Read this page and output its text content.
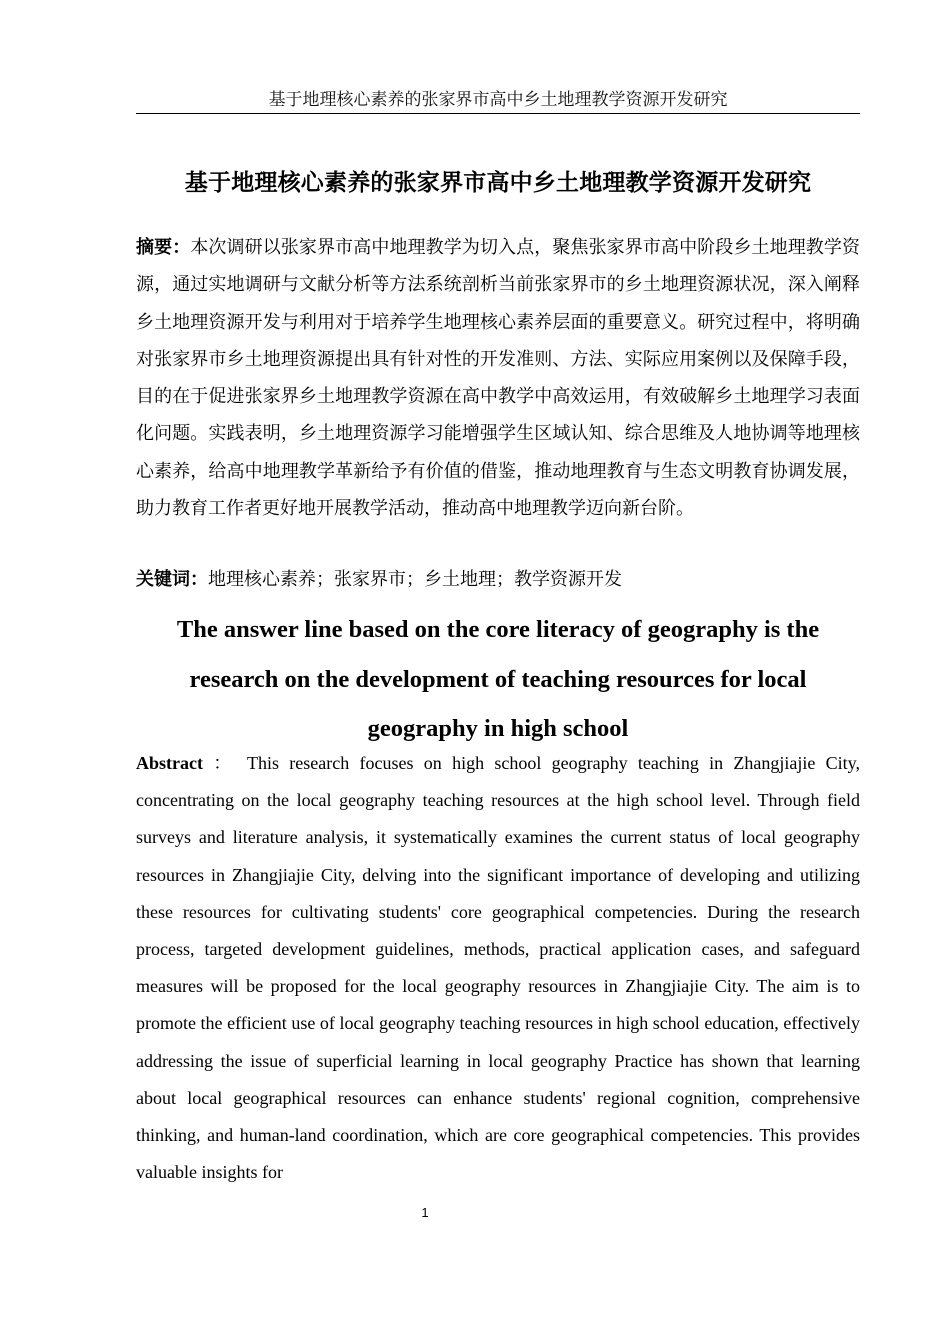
基于地理核心素养的张家界市高中乡土地理教学资源开发研究
基于地理核心素养的张家界市高中乡土地理教学资源开发研究

摘要：本次调研以张家界市高中地理教学为切入点，聚焦张家界市高中阶段乡土地理教学资源，通过实地调研与文献分析等方法系统剖析当前张家界市的乡土地理资源状况，深入阐释乡土地理资源开发与利用对于培养学生地理核心素养层面的重要意义。研究过程中，将明确对张家界市乡土地理资源提出具有针对性的开发准则、方法、实际应用案例以及保障手段，目的在于促进张家界乡土地理教学资源在高中教学中高效运用，有效破解乡土地理学习表面化问题。实践表明，乡土地理资源学习能增强学生区域认知、综合思维及人地协调等地理核心素养，给高中地理教学革新给予有价值的借鉴，推动地理教育与生态文明教育协调发展，助力教育工作者更好地开展教学活动，推动高中地理教学迈向新台阶。

关键词：地理核心素养；张家界市；乡土地理；教学资源开发

The answer line based on the core literacy of geography is the research on the development of teaching resources for local geography in high school

Abstract ： This research focuses on high school geography teaching in Zhangjiajie City, concentrating on the local geography teaching resources at the high school level. Through field surveys and literature analysis, it systematically examines the current status of local geography resources in Zhangjiajie City, delving into the significant importance of developing and utilizing these resources for cultivating students' core geographical competencies. During the research process, targeted development guidelines, methods, practical application cases, and safeguard measures will be proposed for the local geography resources in Zhangjiajie City. The aim is to promote the efficient use of local geography teaching resources in high school education, effectively addressing the issue of superficial learning in local geography Practice has shown that learning about local geographical resources can enhance students' regional cognition, comprehensive thinking, and human-land coordination, which are core geographical competencies. This provides valuable insights for

1
